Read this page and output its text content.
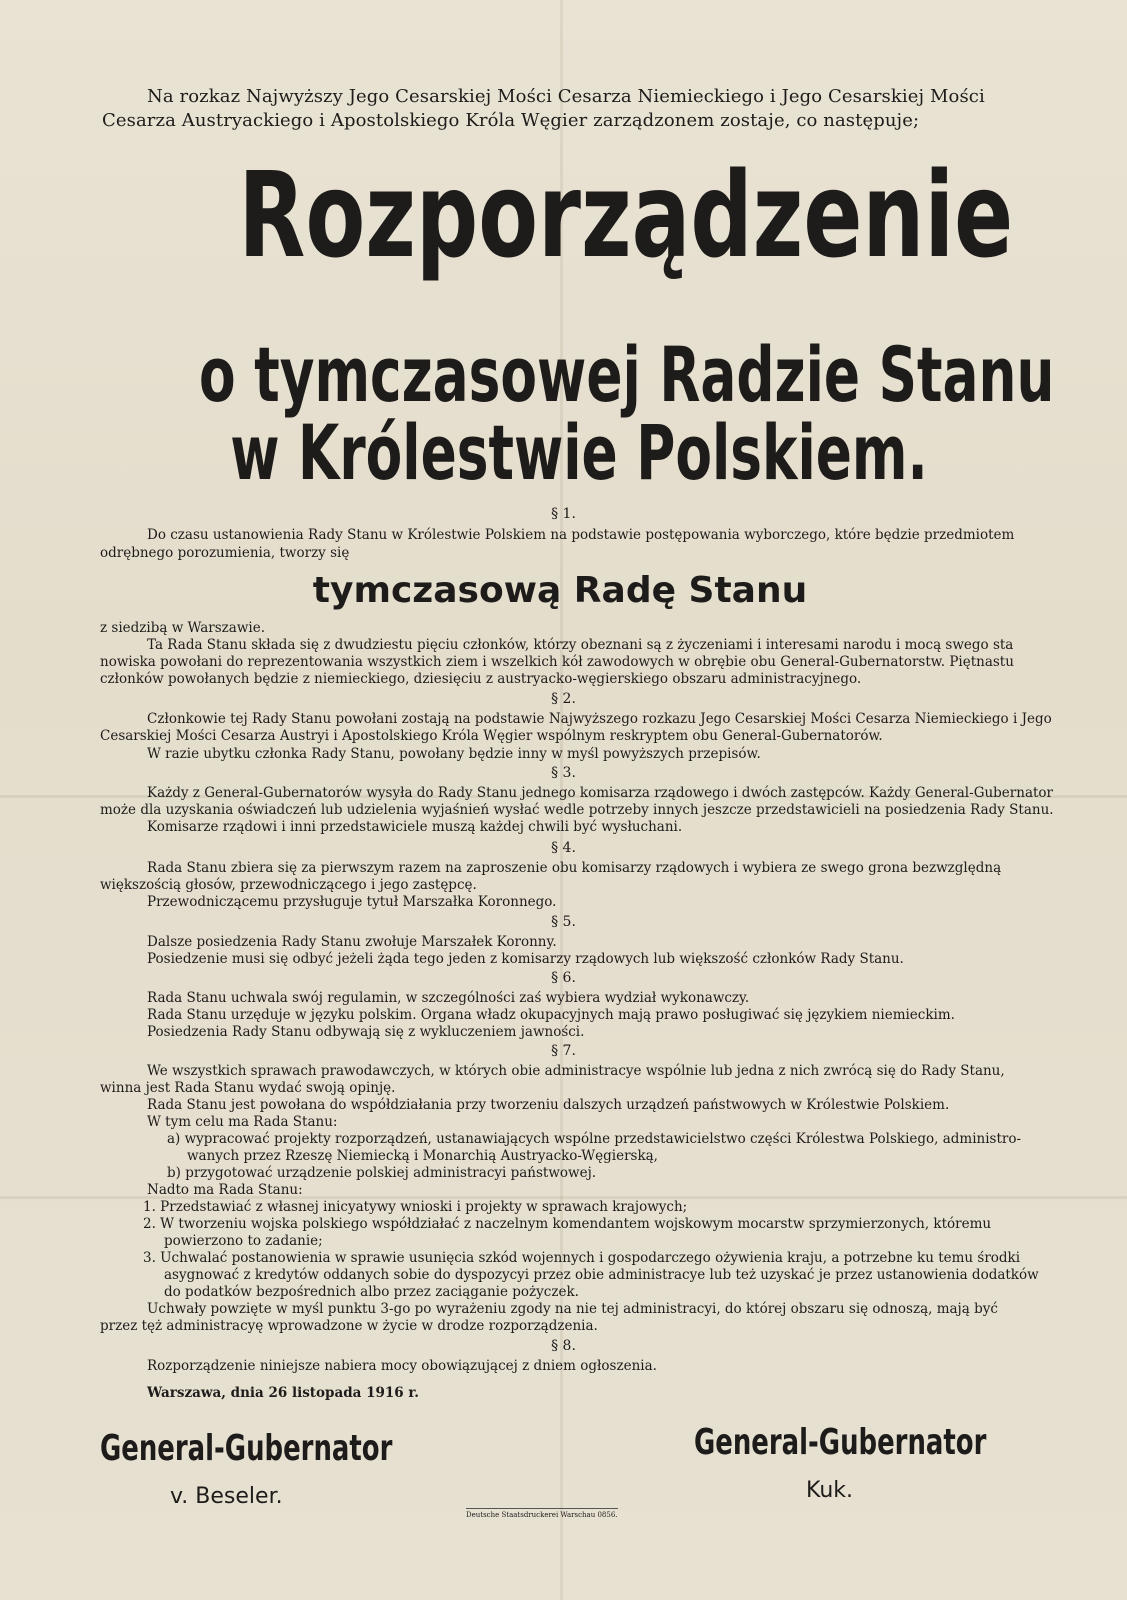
Na rozkaz Najwyższy Jego Cesarskiej Mości Cesarza Niemieckiego i Jego Cesarskiej Mości

Cesarza Austryackiego i Apostolskiego Króla Węgier zarządzonem zostaje, co następuje;

Rozporządzenie
o tymczasowej Radzie Stanu
w Królestwie Polskiem.

§ 1.

Do czasu ustanowienia Rady Stanu w Królestwie Polskiem na podstawie postępowania wyborczego, które będzie przedmiotem

odrębnego porozumienia, tworzy się

tymczasową Radę Stanu

z siedzibą w Warszawie.

Ta Rada Stanu składa się z dwudziestu pięciu członków, którzy obeznani są z życzeniami i interesami narodu i mocą swego sta

nowiska powołani do reprezentowania wszystkich ziem i wszelkich kół zawodowych w obrębie obu General-Gubernatorstw. Piętnastu

członków powołanych będzie z niemieckiego, dziesięciu z austryacko-węgierskiego obszaru administracyjnego.

§ 2.

Członkowie tej Rady Stanu powołani zostają na podstawie Najwyższego rozkazu Jego Cesarskiej Mości Cesarza Niemieckiego i Jego

Cesarskiej Mości Cesarza Austryi i Apostolskiego Króla Węgier wspólnym reskryptem obu General-Gubernatorów.

W razie ubytku członka Rady Stanu, powołany będzie inny w myśl powyższych przepisów.

§ 3.

Każdy z General-Gubernatorów wysyła do Rady Stanu jednego komisarza rządowego i dwóch zastępców. Każdy General-Gubernator

może dla uzyskania oświadczeń lub udzielenia wyjaśnień wysłać wedle potrzeby innych jeszcze przedstawicieli na posiedzenia Rady Stanu.

Komisarze rządowi i inni przedstawiciele muszą każdej chwili być wysłuchani.

§ 4.

Rada Stanu zbiera się za pierwszym razem na zaproszenie obu komisarzy rządowych i wybiera ze swego grona bezwzględną

większością głosów, przewodniczącego i jego zastępcę.

Przewodniczącemu przysługuje tytuł Marszałka Koronnego.

§ 5.

Dalsze posiedzenia Rady Stanu zwołuje Marszałek Koronny.

Posiedzenie musi się odbyć jeżeli żąda tego jeden z komisarzy rządowych lub większość członków Rady Stanu.

§ 6.

Rada Stanu uchwala swój regulamin, w szczególności zaś wybiera wydział wykonawczy.

Rada Stanu urzęduje w języku polskim. Organa władz okupacyjnych mają prawo posługiwać się językiem niemieckim.

Posiedzenia Rady Stanu odbywają się z wykluczeniem jawności.

§ 7.

We wszystkich sprawach prawodawczych, w których obie administracye wspólnie lub jedna z nich zwrócą się do Rady Stanu,

winna jest Rada Stanu wydać swoją opinję.

Rada Stanu jest powołana do współdziałania przy tworzeniu dalszych urządzeń państwowych w Królestwie Polskiem.

W tym celu ma Rada Stanu:

a) wypracować projekty rozporządzeń, ustanawiających wspólne przedstawicielstwo części Królestwa Polskiego, administro-

wanych przez Rzeszę Niemiecką i Monarchią Austryacko-Węgierską,

b) przygotować urządzenie polskiej administracyi państwowej.

Nadto ma Rada Stanu:

1. Przedstawiać z własnej inicyatywy wnioski i projekty w sprawach krajowych;

2. W tworzeniu wojska polskiego współdziałać z naczelnym komendantem wojskowym mocarstw sprzymierzonych, któremu

powierzono to zadanie;

3. Uchwalać postanowienia w sprawie usunięcia szkód wojennych i gospodarczego ożywienia kraju, a potrzebne ku temu środki

asygnować z kredytów oddanych sobie do dyspozycyi przez obie administracye lub też uzyskać je przez ustanowienia dodatków

do podatków bezpośrednich albo przez zaciąganie pożyczek.

Uchwały powzięte w myśl punktu 3-go po wyrażeniu zgody na nie tej administracyi, do której obszaru się odnoszą, mają być

przez tęż administracyę wprowadzone w życie w drodze rozporządzenia.

§ 8.

Rozporządzenie niniejsze nabiera mocy obowiązującej z dniem ogłoszenia.

Warszawa, dnia 26 listopada 1916 r.

General-Gubernator
v. Beseler.
General-Gubernator
Kuk.

Deutsche Staatsdruckerei Warschau 0856.
